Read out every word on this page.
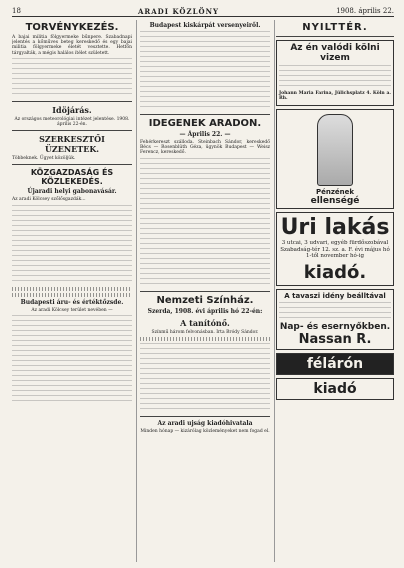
18	ARADI KÖZLÖNY	1908. április 22.
TORVÉNYKEZÉS.

A bajai militia fölgyermeke bűnpere. Szabadnapi jelentés a kőműves beteg kereskedő és egy bajai militia fölgyermeke életét vesztette. Hetfőn tárgyalták, a mégis halálos ítélet született.

Idöjárás.

Az országos meteorológiai intézet jelentése. 1908. április 22-én.

SZERKESZTŐI ÜZENETEK.

Többeknek. Ügyet közöljük.

KÖZGAZDASÁG ÉS KÖZLEKEDÉS.
Újaradi helyi gabonavásár.

Az aradi Kölcsey szőlősgazdák...

Budapesti áru- és értéktőzsde.

Az aradi Kölcsey terület nevében —

Budapest kiskárpát versenyeiről.
IDEGENEK ARADON.
— Április 22. —

Fehérkereszt szálloda. Steinbach Sándor, kereskedő Bécs — Rosenblüth Géza, ügynök Budapest — Weisz Ferencz, kereskedő.

Nemzeti Színház.
Szerda, 1908. évi április hó 22-én:
A tanítónő.

Színmű három felvonásban. Irta Bródy Sándor.

Az aradi ujság kiadóhivatala

Minden hónap — kizárólag közleményeket nem fogad el.

NYILTTÉR.
Az én valódi kölni vizem

Johann Maria Farina, Jülichsplatz 4. Köln a. Rh.

Pénzének
ellenségé
Uri lakás

3 utcai, 3 udvari, egyéb fürdőszobával Szabadság-tér 12. sz. a. F. évi május hó 1-től november hó-ig

kiadó.
A tavaszi idény beálltával
Nap- és esernyőkben.
Nassan R.
félárón
kiadó
